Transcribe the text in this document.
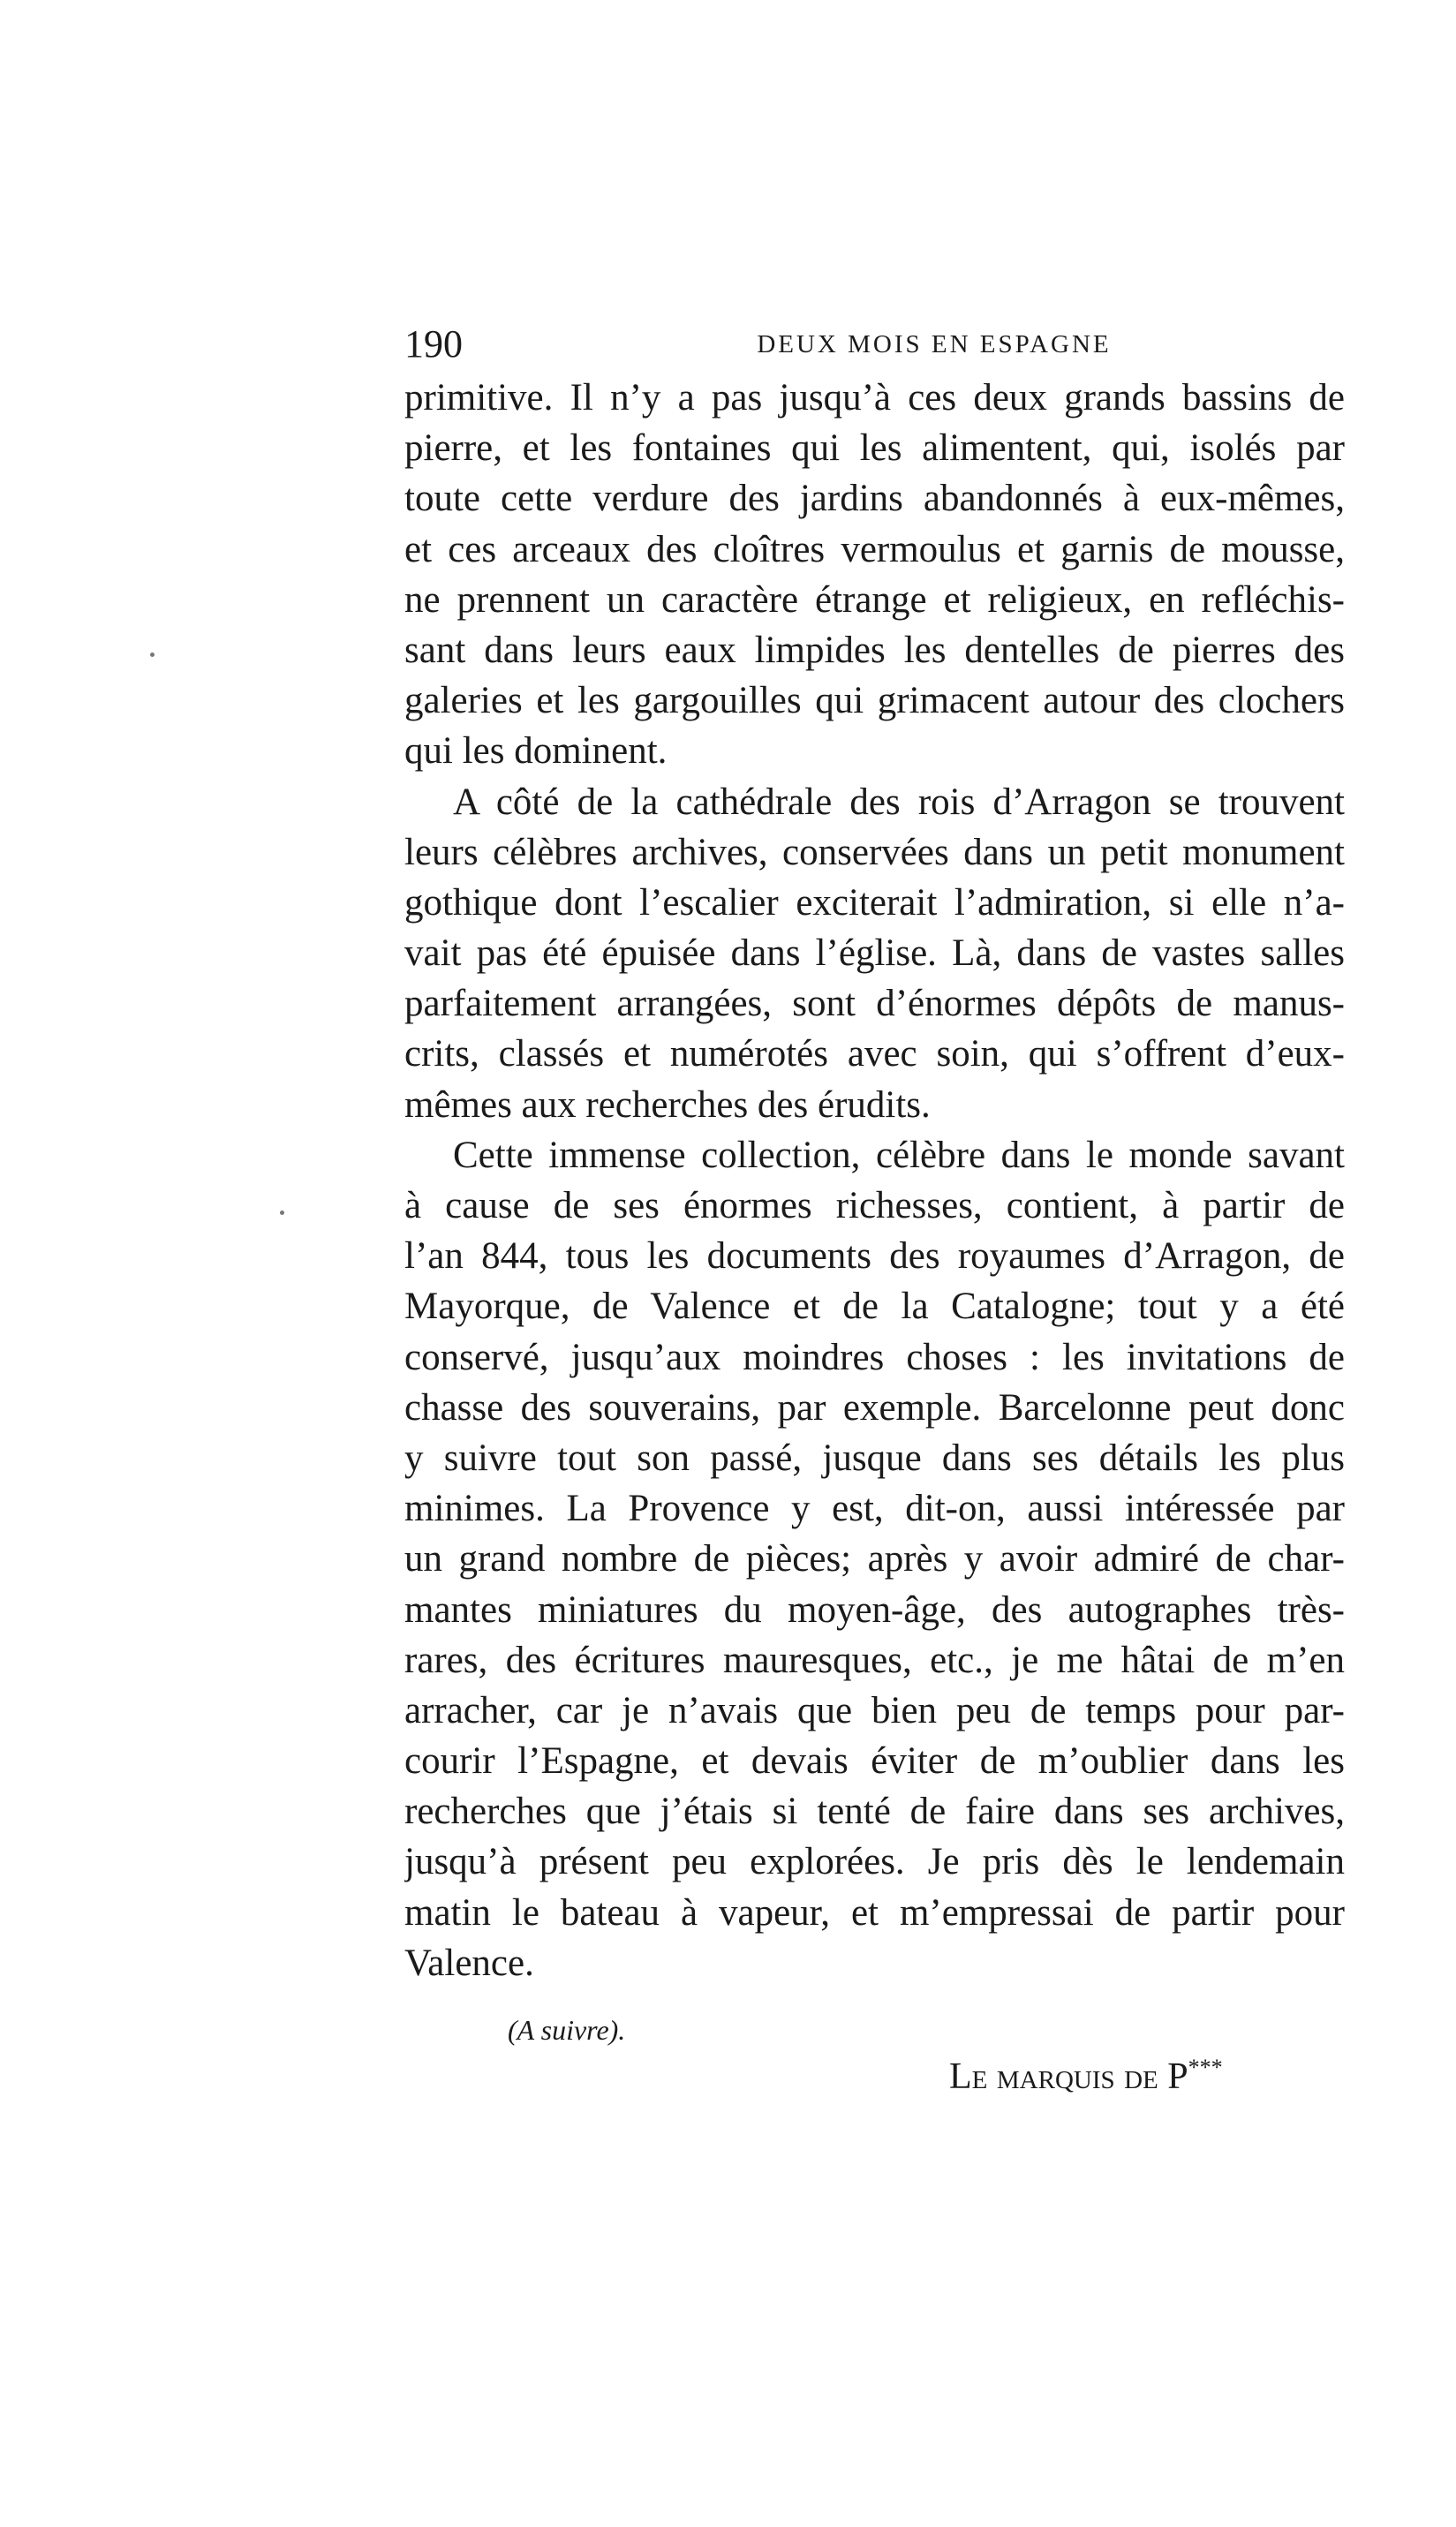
190	DEUX MOIS EN ESPAGNE
primitive. Il n’y a pas jusqu’à ces deux grands bassins de
pierre, et les fontaines qui les alimentent, qui, isolés par
toute cette verdure des jardins abandonnés à eux-mêmes,
et ces arceaux des cloîtres vermoulus et garnis de mousse,
ne prennent un caractère étrange et religieux, en refléchis-
sant dans leurs eaux limpides les dentelles de pierres des
galeries et les gargouilles qui grimacent autour des clochers
qui les dominent.
A côté de la cathédrale des rois d’Arragon se trouvent
leurs célèbres archives, conservées dans un petit monument
gothique dont l’escalier exciterait l’admiration, si elle n’a-
vait pas été épuisée dans l’église. Là, dans de vastes salles
parfaitement arrangées, sont d’énormes dépôts de manus-
crits, classés et numérotés avec soin, qui s’offrent d’eux-
mêmes aux recherches des érudits.
Cette immense collection, célèbre dans le monde savant
à cause de ses énormes richesses, contient, à partir de
l’an 844, tous les documents des royaumes d’Arragon, de
Mayorque, de Valence et de la Catalogne; tout y a été
conservé, jusqu’aux moindres choses : les invitations de
chasse des souverains, par exemple. Barcelonne peut donc
y suivre tout son passé, jusque dans ses détails les plus
minimes. La Provence y est, dit-on, aussi intéressée par
un grand nombre de pièces; après y avoir admiré de char-
mantes miniatures du moyen-âge, des autographes très-
rares, des écritures mauresques, etc., je me hâtai de m’en
arracher, car je n’avais que bien peu de temps pour par-
courir l’Espagne, et devais éviter de m’oublier dans les
recherches que j’étais si tenté de faire dans ses archives,
jusqu’à présent peu explorées. Je pris dès le lendemain
matin le bateau à vapeur, et m’empressai de partir pour
Valence.
(A suivre).
Le marquis de P***
